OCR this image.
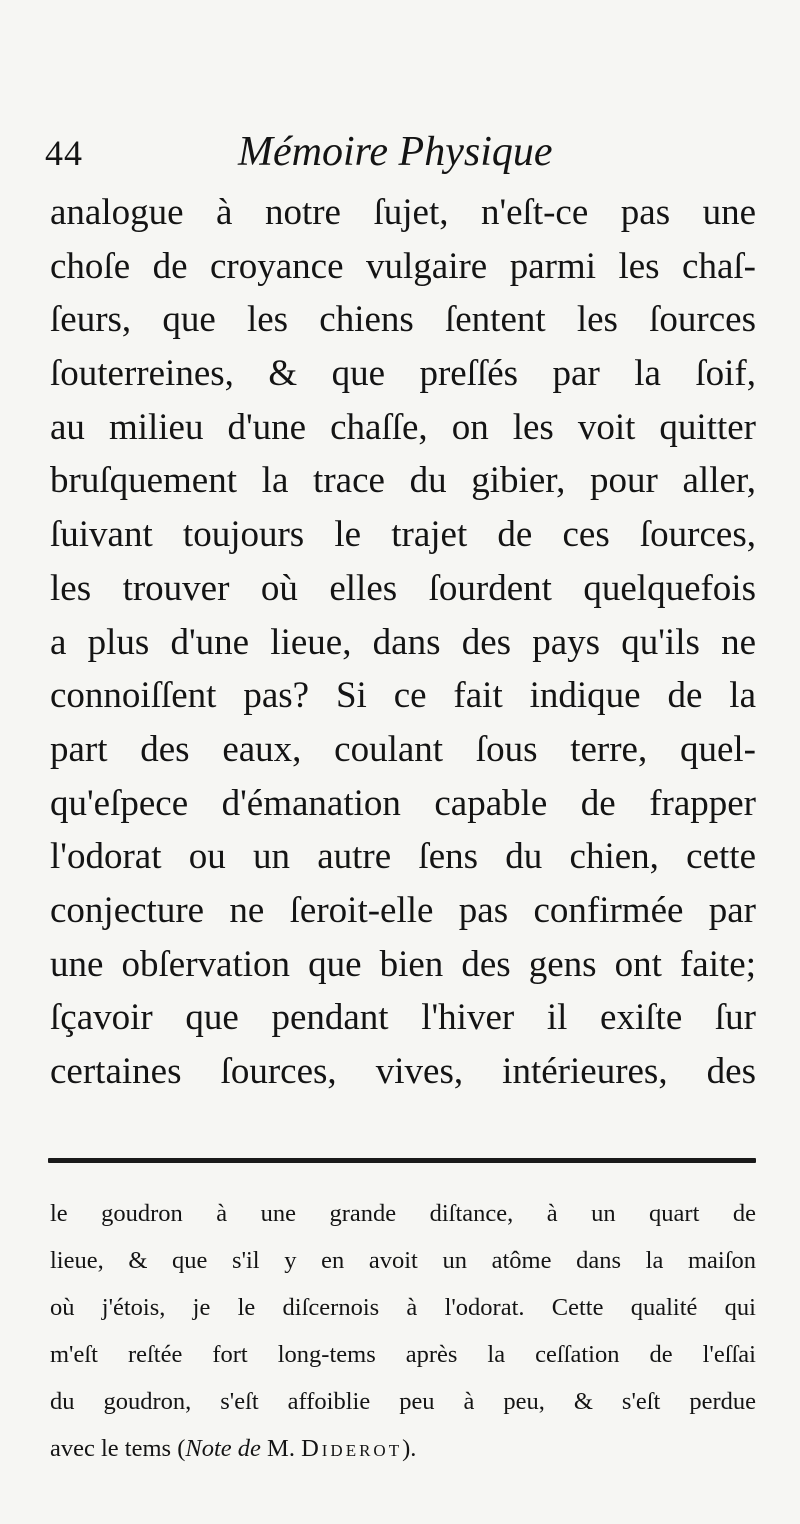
44	Mémoire Physique
analogue à notre ſujet, n'eſt-ce pas une
choſe de croyance vulgaire parmi les chaſ-
ſeurs, que les chiens ſentent les ſources
ſouterreines, & que preſſés par la ſoif,
au milieu d'une chaſſe, on les voit quitter
bruſquement la trace du gibier, pour aller,
ſuivant toujours le trajet de ces ſources,
les trouver où elles ſourdent quelquefois
a plus d'une lieue, dans des pays qu'ils ne
connoiſſent pas? Si ce fait indique de la
part des eaux, coulant ſous terre, quel-
qu'eſpece d'émanation capable de frapper
l'odorat ou un autre ſens du chien, cette
conjecture ne ſeroit-elle pas confirmée par
une obſervation que bien des gens ont faite;
ſçavoir que pendant l'hiver il exiſte ſur
certaines ſources, vives, intérieures, des
le goudron à une grande diſtance, à un quart de
lieue, & que s'il y en avoit un atôme dans la maiſon
où j'étois, je le diſcernois à l'odorat. Cette qualité qui
m'eſt reſtée fort long-tems après la ceſſation de l'eſſai
du goudron, s'eſt affoiblie peu à peu, & s'eſt perdue
avec le tems (Note de M. Diderot).
